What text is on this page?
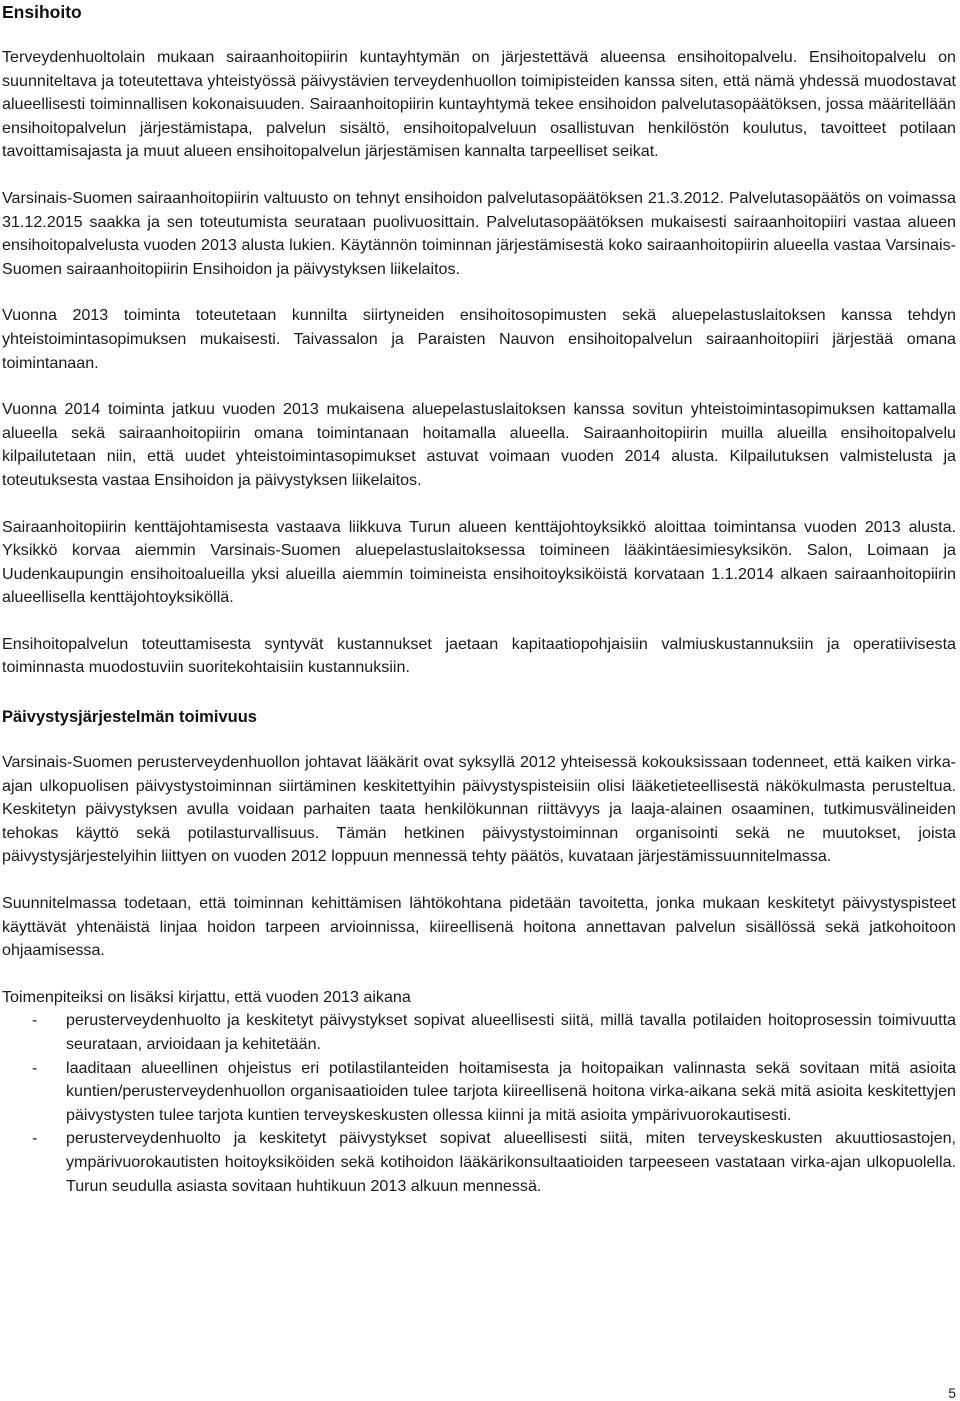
Ensihoito

Terveydenhuoltolain mukaan sairaanhoitopiirin kuntayhtymän on järjestettävä alueensa ensihoitopalvelu. Ensihoitopalvelu on suunniteltava ja toteutettava yhteistyössä päivystävien terveydenhuollon toimipisteiden kanssa siten, että nämä yhdessä muodostavat alueellisesti toiminnallisen kokonaisuuden. Sairaanhoitopiirin kuntayhtymä tekee ensihoidon palvelutasopäätöksen, jossa määritellään ensihoitopalvelun järjestämistapa, palvelun sisältö, ensihoitopalveluun osallistuvan henkilöstön koulutus, tavoitteet potilaan tavoittamisajasta ja muut alueen ensihoitopalvelun järjestämisen kannalta tarpeelliset seikat.

Varsinais-Suomen sairaanhoitopiirin valtuusto on tehnyt ensihoidon palvelutasopäätöksen 21.3.2012. Palvelutasopäätös on voimassa 31.12.2015 saakka ja sen toteutumista seurataan puolivuosittain. Palvelutasopäätöksen mukaisesti sairaanhoitopiiri vastaa alueen ensihoitopalvelusta vuoden 2013 alusta lukien. Käytännön toiminnan järjestämisestä koko sairaanhoitopiirin alueella vastaa Varsinais-Suomen sairaanhoitopiirin Ensihoidon ja päivystyksen liikelaitos.

Vuonna 2013 toiminta toteutetaan kunnilta siirtyneiden ensihoitosopimusten sekä aluepelastuslaitoksen kanssa tehdyn yhteistoimintasopimuksen mukaisesti. Taivassalon ja Paraisten Nauvon ensihoitopalvelun sairaanhoitopiiri järjestää omana toimintanaan.

Vuonna 2014 toiminta jatkuu vuoden 2013 mukaisena aluepelastuslaitoksen kanssa sovitun yhteistoimintasopimuksen kattamalla alueella sekä sairaanhoitopiirin omana toimintanaan hoitamalla alueella. Sairaanhoitopiirin muilla alueilla ensihoitopalvelu kilpailutetaan niin, että uudet yhteistoimintasopimukset astuvat voimaan vuoden 2014 alusta. Kilpailutuksen valmistelusta ja toteutuksesta vastaa Ensihoidon ja päivystyksen liikelaitos.

Sairaanhoitopiirin kenttäjohtamisesta vastaava liikkuva Turun alueen kenttäjohtoyksikkö aloittaa toimintansa vuoden 2013 alusta. Yksikkö korvaa aiemmin Varsinais-Suomen aluepelastuslaitoksessa toimineen lääkintäesimiesyksikön. Salon, Loimaan ja Uudenkaupungin ensihoitoalueilla yksi alueilla aiemmin toimineista ensihoitoyksiköistä korvataan 1.1.2014 alkaen sairaanhoitopiirin alueellisella kenttäjohtoyksiköllä.

Ensihoitopalvelun toteuttamisesta syntyvät kustannukset jaetaan kapitaatiopohjaisiin valmiuskustannuksiin ja operatiivisesta toiminnasta muodostuviin suoritekohtaisiin kustannuksiin.

Päivystysjärjestelmän toimivuus

Varsinais-Suomen perusterveydenhuollon johtavat lääkärit ovat syksyllä 2012 yhteisessä kokouksissaan todenneet, että kaiken virka-ajan ulkopuolisen päivystystoiminnan siirtäminen keskitettyihin päivystyspisteisiin olisi lääketieteellisestä näkökulmasta perusteltua. Keskitetyn päivystyksen avulla voidaan parhaiten taata henkilökunnan riittävyys ja laaja-alainen osaaminen, tutkimusvälineiden tehokas käyttö sekä potilasturvallisuus. Tämän hetkinen päivystystoiminnan organisointi sekä ne muutokset, joista päivystysjärjestelyihin liittyen on vuoden 2012 loppuun mennessä tehty päätös, kuvataan järjestämissuunnitelmassa.

Suunnitelmassa todetaan, että toiminnan kehittämisen lähtökohtana pidetään tavoitetta, jonka mukaan keskitetyt päivystyspisteet käyttävät yhtenäistä linjaa hoidon tarpeen arvioinnissa, kiireellisenä hoitona annettavan palvelun sisällössä sekä jatkohoitoon ohjaamisessa.

Toimenpiteiksi on lisäksi kirjattu, että vuoden 2013 aikana

- perusterveydenhuolto ja keskitetyt päivystykset sopivat alueellisesti siitä, millä tavalla potilaiden hoitoprosessin toimivuutta seurataan, arvioidaan ja kehitetään.
- laaditaan alueellinen ohjeistus eri potilastilanteiden hoitamisesta ja hoitopaikan valinnasta sekä sovitaan mitä asioita kuntien/perusterveydenhuollon organisaatioiden tulee tarjota kiireellisenä hoitona virka-aikana sekä mitä asioita keskitettyjen päivystysten tulee tarjota kuntien terveyskeskusten ollessa kiinni ja mitä asioita ympärivuorokautisesti.
- perusterveydenhuolto ja keskitetyt päivystykset sopivat alueellisesti siitä, miten terveyskeskusten akuuttiosastojen, ympärivuorokautisten hoitoyksiköiden sekä kotihoidon lääkärikonsultaatioiden tarpeeseen vastataan virka-ajan ulkopuolella. Turun seudulla asiasta sovitaan huhtikuun 2013 alkuun mennessä.
5
